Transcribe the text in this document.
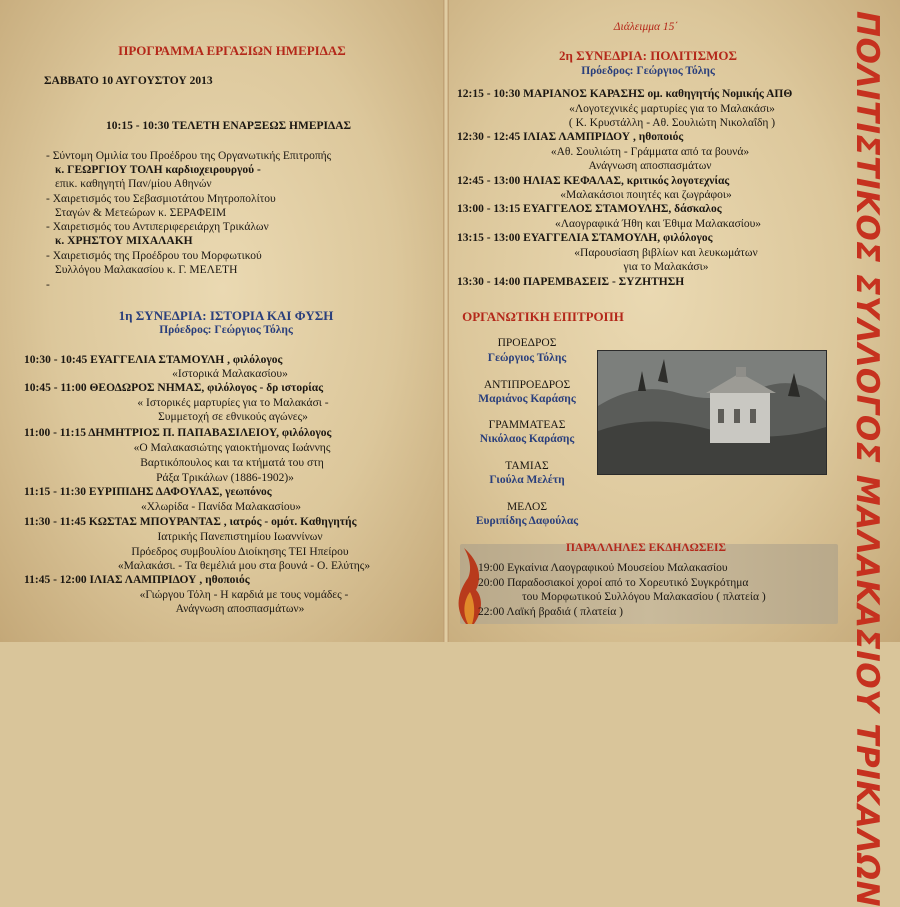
ΠΡΟΓΡΑΜΜΑ ΕΡΓΑΣΙΩΝ ΗΜΕΡΙΔΑΣ
ΣΑΒΒΑΤΟ 10 ΑΥΓΟΥΣΤΟΥ 2013
10:15 - 10:30 ΤΕΛΕΤΗ ΕΝΑΡΞΕΩΣ ΗΜΕΡΙΔΑΣ
- Σύντομη Ομιλία του Προέδρου της Οργανωτικής Επιτροπής
κ. ΓΕΩΡΓΙΟΥ ΤΟΛΗ καρδιοχειρουργού -
επικ. καθηγητή Παν/μίου Αθηνών
- Χαιρετισμός του Σεβασμιοτάτου Μητροπολίτου
Σταγών & Μετεώρων κ. ΣΕΡΑΦΕΙΜ
- Χαιρετισμός του Αντιπεριφερειάρχη Τρικάλων
κ. ΧΡΗΣΤΟΥ ΜΙΧΑΛΑΚΗ
- Χαιρετισμός της Προέδρου του Μορφωτικού
Συλλόγου Μαλακασίου κ. Γ. ΜΕΛΕΤΗ
-
1η ΣΥΝΕΔΡΙΑ: ΙΣΤΟΡΙΑ ΚΑΙ ΦΥΣΗ
Πρόεδρος: Γεώργιος Τόλης
10:30 - 10:45 ΕΥΑΓΓΕΛΙΑ ΣΤΑΜΟΥΛΗ , φιλόλογος
«Ιστορικά Μαλακασίου»
10:45 - 11:00 ΘΕΟΔΩΡΟΣ ΝΗΜΑΣ, φιλόλογος - δρ ιστορίας
« Ιστορικές μαρτυρίες για το Μαλακάσι -
Συμμετοχή σε εθνικούς αγώνες»
11:00 - 11:15 ΔΗΜΗΤΡΙΟΣ Π. ΠΑΠΑΒΑΣΙΛΕΙΟΥ, φιλόλογος
«Ο Μαλακασιώτης γαιοκτήμονας Ιωάννης
Βαρτικόπουλος και τα κτήματά του στη
Ράξα Τρικάλων (1886-1902)»
11:15 - 11:30 ΕΥΡΙΠΙΔΗΣ ΔΑΦΟΥΛΑΣ, γεωπόνος
«Χλωρίδα - Πανίδα Μαλακασίου»
11:30 - 11:45 ΚΩΣΤΑΣ ΜΠΟΥΡΑΝΤΑΣ , ιατρός - ομότ. Καθηγητής
Ιατρικής Πανεπιστημίου Ιωαννίνων
Πρόεδρος συμβουλίου Διοίκησης ΤΕΙ Ηπείρου
«Μαλακάσι. - Τα θεμέλιά μου στα βουνά - Ο. Ελύτης»
11:45 - 12:00 ΙΛΙΑΣ ΛΑΜΠΡΙΔΟΥ , ηθοποιός
«Γιώργου Τόλη - Η καρδιά με τους νομάδες -
Ανάγνωση αποσπασμάτων»
Διάλειμμα 15΄
2η ΣΥΝΕΔΡΙΑ: ΠΟΛΙΤΙΣΜΟΣ
Πρόεδρος: Γεώργιος Τόλης
12:15 - 10:30 ΜΑΡΙΑΝΟΣ ΚΑΡΑΣΗΣ ομ. καθηγητής Νομικής ΑΠΘ
«Λογοτεχνικές μαρτυρίες για το Μαλακάσι»
( Κ. Κρυστάλλη - Αθ. Σουλιώτη Νικολαΐδη )
12:30 - 12:45 ΙΛΙΑΣ ΛΑΜΠΡΙΔΟΥ , ηθοποιός
«Αθ. Σουλιώτη - Γράμματα από τα βουνά»
Ανάγνωση αποσπασμάτων
12:45 - 13:00 ΗΛΙΑΣ ΚΕΦΑΛΑΣ, κριτικός λογοτεχνίας
«Μαλακάσιοι ποιητές και ζωγράφοι»
13:00 - 13:15 ΕΥΑΓΓΕΛΟΣ ΣΤΑΜΟΥΛΗΣ, δάσκαλος
«Λαογραφικά Ήθη και Έθιμα Μαλακασίου»
13:15 - 13:00 ΕΥΑΓΓΕΛΙΑ ΣΤΑΜΟΥΛΗ, φιλόλογος
«Παρουσίαση βιβλίων και λευκωμάτων
για το Μαλακάσι»
13:30 - 14:00 ΠΑΡΕΜΒΑΣΕΙΣ - ΣΥΖΗΤΗΣΗ
ΟΡΓΑΝΩΤΙΚΗ ΕΠΙΤΡΟΠΗ
ΠΡΟΕΔΡΟΣ
Γεώργιος Τόλης
ΑΝΤΙΠΡΟΕΔΡΟΣ
Μαριάνος Καράσης
ΓΡΑΜΜΑΤΕΑΣ
Νικόλαος Καράσης
ΤΑΜΙΑΣ
Γιούλα Μελέτη
ΜΕΛΟΣ
Ευριπίδης Δαφούλας
ΠΑΡΑΛΛΗΛΕΣ ΕΚΔΗΛΩΣΕΙΣ
19:00 Εγκαίνια Λαογραφικού Μουσείου Μαλακασίου
20:00 Παραδοσιακοί χοροί από το Χορευτικό Συγκρότημα
του Μορφωτικού Συλλόγου Μαλακασίου ( πλατεία )
22:00 Λαϊκή βραδιά ( πλατεία )	ΠΟΛΙΤΙΣΤΙΚΟΣ ΣΥΛΛΟΓΟΣ ΜΑΛΑΚΑΣΙΟΥ ΤΡΙΚΑΛΩΝ
